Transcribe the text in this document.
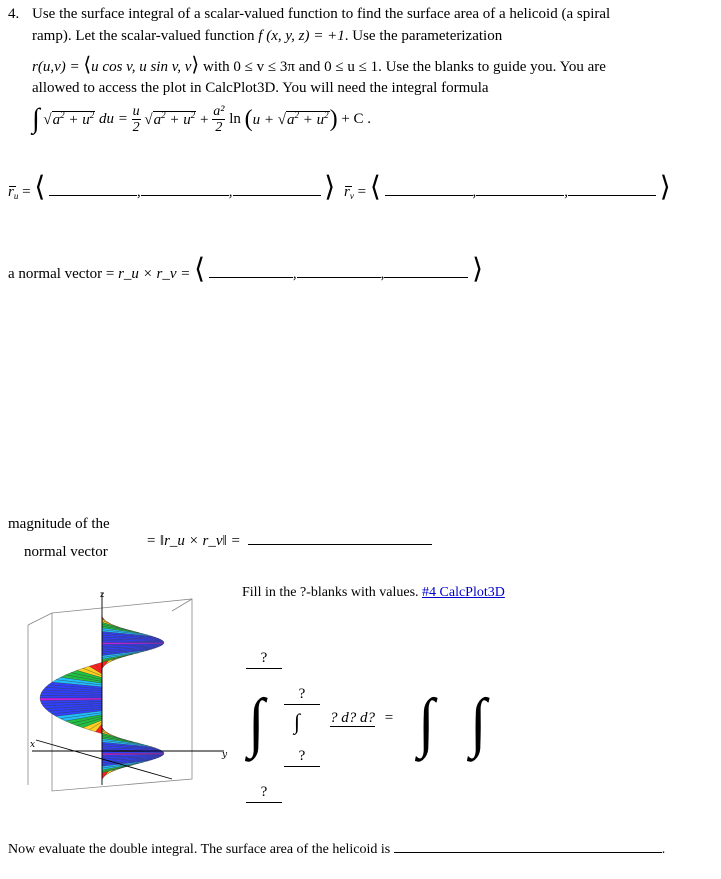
4. Use the surface integral of a scalar-valued function to find the surface area of a helicoid (a spiral
ramp). Let the scalar-valued function f (x, y, z) = +1. Use the parameterization
r(u,v) = ⟨u cos v, u sin v, v⟩ with 0 ≤ v ≤ 3π and 0 ≤ u ≤ 1. Use the blanks to guide you. You are
allowed to access the plot in CalcPlot3D. You will need the integral formula
∫ $√a^2 + u^2$ du = $\frac{u}{2} √a^2 + u^2 + \frac{\text{a²}}{2}$ $\ln (u + √a^2 + u^2) + C$ .
$r_u$ = ⟨	,	,	⟩ $r_v$ = ⟨	,	,	⟩
a normal vector = r_u × r_v = ⟨	,	,	⟩
magnitude of the
normal vector
= ‖r_u × r_v‖ =
Fill in the ?-blanks with values. #4 CalcPlot3D
z
x
y
?
∫
?
?
∫
?
? d? d? = ∫ ∫
Now evaluate the double integral. The surface area of the helicoid is	.
